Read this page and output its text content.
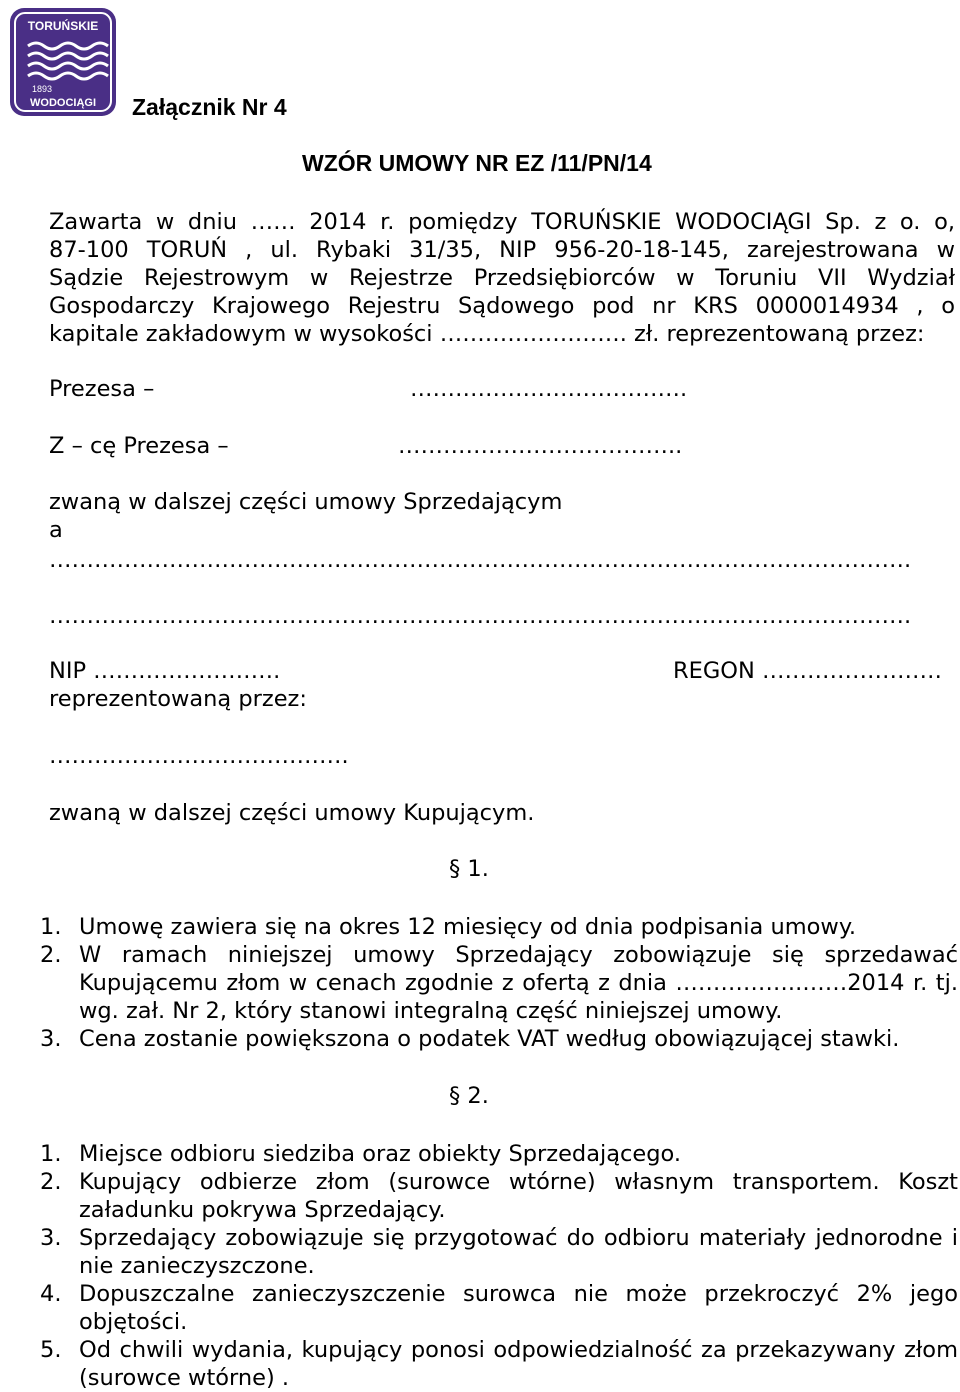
TORUŃSKIE
1893
WODOCIĄGI Załącznik Nr 4
WZÓR UMOWY NR EZ /11/PN/14
Zawarta w dniu …… 2014 r. pomiędzy TORUŃSKIE WODOCIĄGI Sp. z o. o,
87-100 TORUŃ , ul. Rybaki 31/35, NIP 956-20-18-145, zarejestrowana w
Sądzie Rejestrowym w Rejestrze Przedsiębiorców w Toruniu VII Wydział
Gospodarczy Krajowego Rejestru Sądowego pod nr KRS 0000014934 , o
kapitale zakładowym w wysokości ……………………. zł. reprezentowaną przez:
Prezesa –	……………………………….
Z – cę Prezesa –	………………………………..
zwaną w dalszej części umowy Sprzedającym
a
…………………………………………………………………………………………………….
…………………………………………………………………………………………………….
NIP …………………….	REGON ……………………
reprezentowaną przez:
………………………………….
zwaną w dalszej części umowy Kupującym.
§ 1.
1. Umowę zawiera się na okres 12 miesięcy od dnia podpisania umowy.
2. W ramach niniejszej umowy Sprzedający zobowiązuje się sprzedawać Kupującemu złom w cenach zgodnie z ofertą z dnia ……………..……2014 r. tj. wg. zał. Nr 2, który stanowi integralną część niniejszej umowy.
3. Cena zostanie powiększona o podatek VAT według obowiązującej stawki.
§ 2.
1. Miejsce odbioru siedziba oraz obiekty Sprzedającego.
2. Kupujący odbierze złom (surowce wtórne) własnym transportem. Koszt załadunku pokrywa Sprzedający.
3. Sprzedający zobowiązuje się przygotować do odbioru materiały jednorodne i nie zanieczyszczone.
4. Dopuszczalne zanieczyszczenie surowca nie może przekroczyć 2% jego objętości.
5. Od chwili wydania, kupujący ponosi odpowiedzialność za przekazywany złom (surowce wtórne) .
